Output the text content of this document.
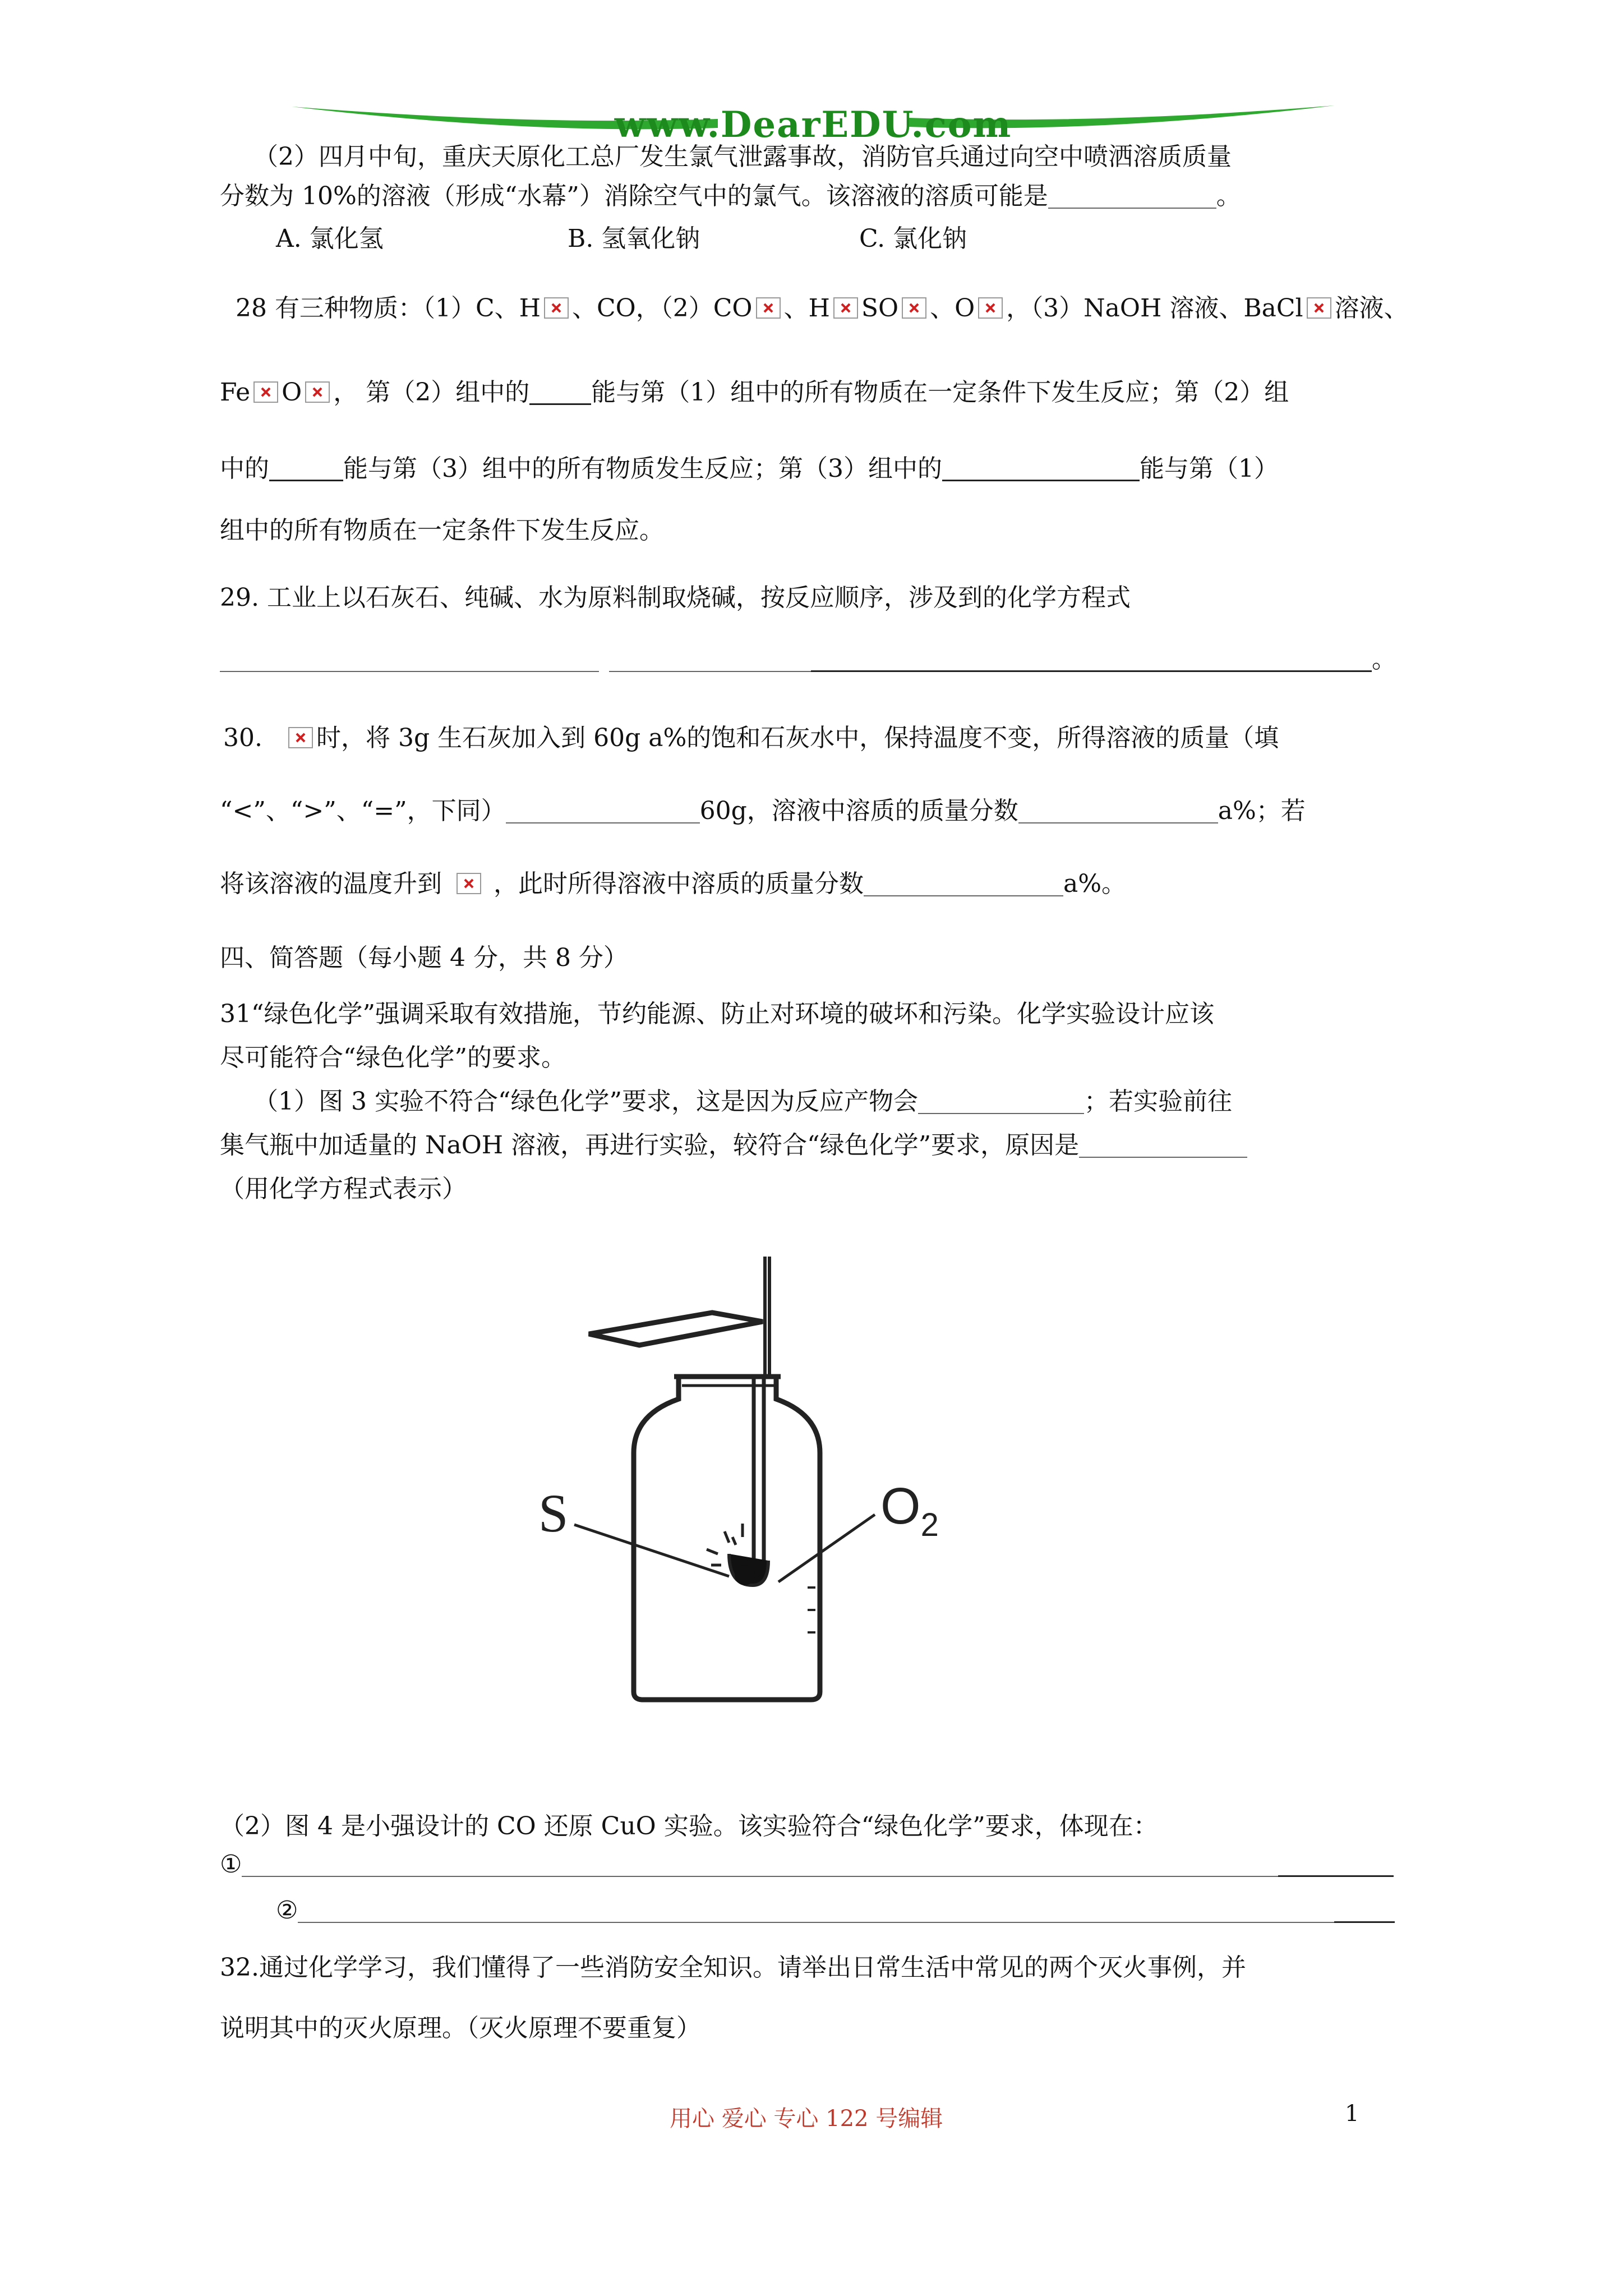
www.DearEDU.com
（2）四月中旬，重庆天原化工总厂发生氯气泄露事故，消防官兵通过向空中喷洒溶质质量
分数为 10%的溶液（形成“水幕”）消除空气中的氯气。该溶液的溶质可能是	。
A. 氯化氢	B. 氢氧化钠	C. 氯化钠
28 有三种物质：（1）C、H 、CO，（2）CO 、H SO 、O ，（3）NaOH 溶液、BaCl 溶液、
Fe O ， 第（2）组中的	能与第（1）组中的所有物质在一定条件下发生反应；第（2）组
中的	能与第（3）组中的所有物质发生反应；第（3）组中的	能与第（1）
组中的所有物质在一定条件下发生反应。
29. 工业上以石灰石、纯碱、水为原料制取烧碱，按反应顺序，涉及到的化学方程式
。
30. 时，将 3g 生石灰加入到 60g a%的饱和石灰水中，保持温度不变，所得溶液的质量（填
“<”、“>”、“=”，下同）	60g，溶液中溶质的质量分数	a%；若
将该溶液的温度升到 ，此时所得溶液中溶质的质量分数	a%。
四、简答题（每小题 4 分，共 8 分）
31“绿色化学”强调采取有效措施，节约能源、防止对环境的破坏和污染。化学实验设计应该
尽可能符合“绿色化学”的要求。
（1）图 3 实验不符合“绿色化学”要求，这是因为反应产物会	；若实验前往
集气瓶中加适量的 NaOH 溶液，再进行实验，较符合“绿色化学”要求，原因是
（用化学方程式表示）
S	$O_2$
（2）图 4 是小强设计的 CO 还原 CuO 实验。该实验符合“绿色化学”要求，体现在：
①
②
32.通过化学学习，我们懂得了一些消防安全知识。请举出日常生活中常见的两个灭火事例，并
说明其中的灭火原理。（灭火原理不要重复）
用心 爱心 专心 122 号编辑	1
